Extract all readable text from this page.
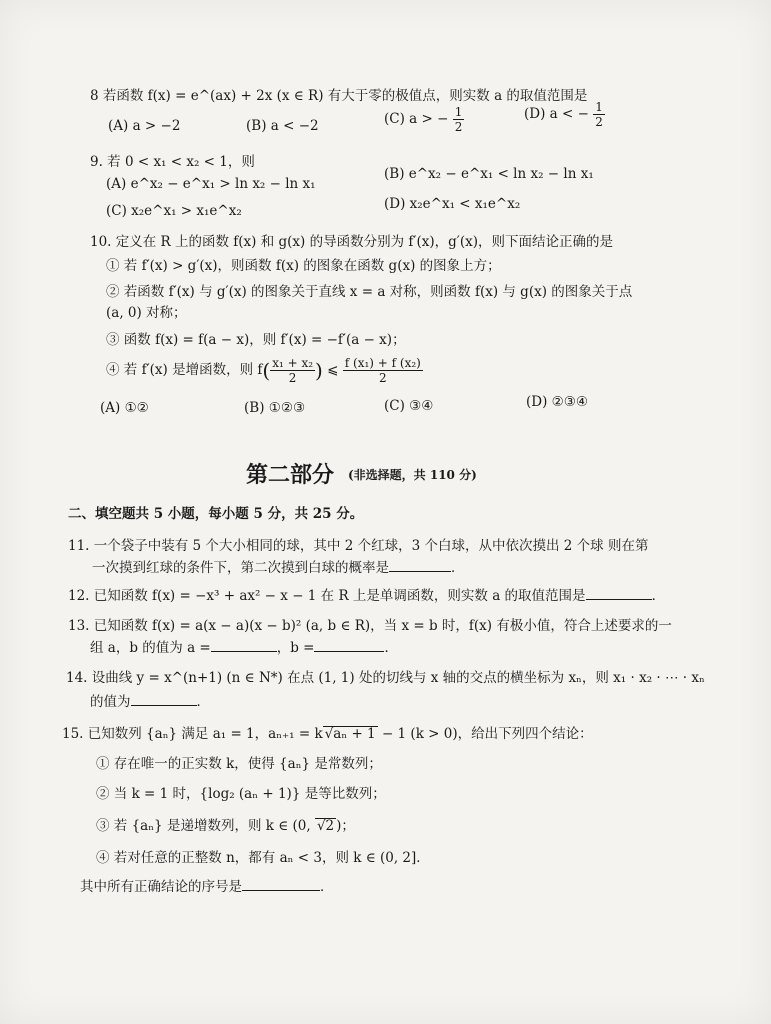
8 若函数 f(x) = e^(ax) + 2x (x ∈ R) 有大于零的极值点，则实数 a 的取值范围是
(A) a > −2	(B) a < −2	(C) a > − $\frac{1}{2}$	(D) a < − $\frac{1}{2}$
9. 若 0 < x₁ < x₂ < 1，则
(A) e^x₂ − e^x₁ > ln x₂ − ln x₁
(B) e^x₂ − e^x₁ < ln x₂ − ln x₁
(C) x₂e^x₁ > x₁e^x₂	(D) x₂e^x₁ < x₁e^x₂
10. 定义在 R 上的函数 f(x) 和 g(x) 的导函数分别为 f′(x)，g′(x)，则下面结论正确的是
① 若 f′(x) > g′(x)，则函数 f(x) 的图象在函数 g(x) 的图象上方；
② 若函数 f′(x) 与 g′(x) 的图象关于直线 x = a 对称，则函数 f(x) 与 g(x) 的图象关于点
(a, 0) 对称；
③ 函数 f(x) = f(a − x)，则 f′(x) = −f′(a − x)；
④ 若 f′(x) 是增函数，则 $f( \frac{\text{x₁ + x₂}}{2}$ ) ⩽ $\frac{\text{f (x₁) + f (x₂)}}{2}$
(A) ①②	(B) ①②③	(C) ③④	(D) ②③④
第二部分 (非选择题，共 110 分)
二、填空题共 5 小题，每小题 5 分，共 25 分。
11. 一个袋子中装有 5 个大小相同的球，其中 2 个红球，3 个白球，从中依次摸出 2 个球 则在第
一次摸到红球的条件下，第二次摸到白球的概率是	．
12. 已知函数 f(x) = −x³ + ax² − x − 1 在 R 上是单调函数，则实数 a 的取值范围是	．
13. 已知函数 f(x) = a(x − a)(x − b)² (a, b ∈ R)，当 x = b 时，f(x) 有极小值，符合上述要求的一
组 a，b 的值为 a =	，b =	．
14. 设曲线 y = x^(n+1) (n ∈ N*) 在点 (1, 1) 处的切线与 x 轴的交点的横坐标为 xₙ，则 x₁ · x₂ · ⋯ · xₙ
的值为	．
15. 已知数列 {aₙ} 满足 a₁ = 1，aₙ₊₁ = k √aₙ + 1 − 1 (k > 0)，给出下列四个结论：
① 存在唯一的正实数 k，使得 {aₙ} 是常数列；
② 当 k = 1 时，{log₂ (aₙ + 1)} 是等比数列；
③ 若 {aₙ} 是递增数列，则 k ∈ (0, √2 )；
④ 若对任意的正整数 n，都有 aₙ < 3，则 k ∈ (0, 2]．
其中所有正确结论的序号是	．
